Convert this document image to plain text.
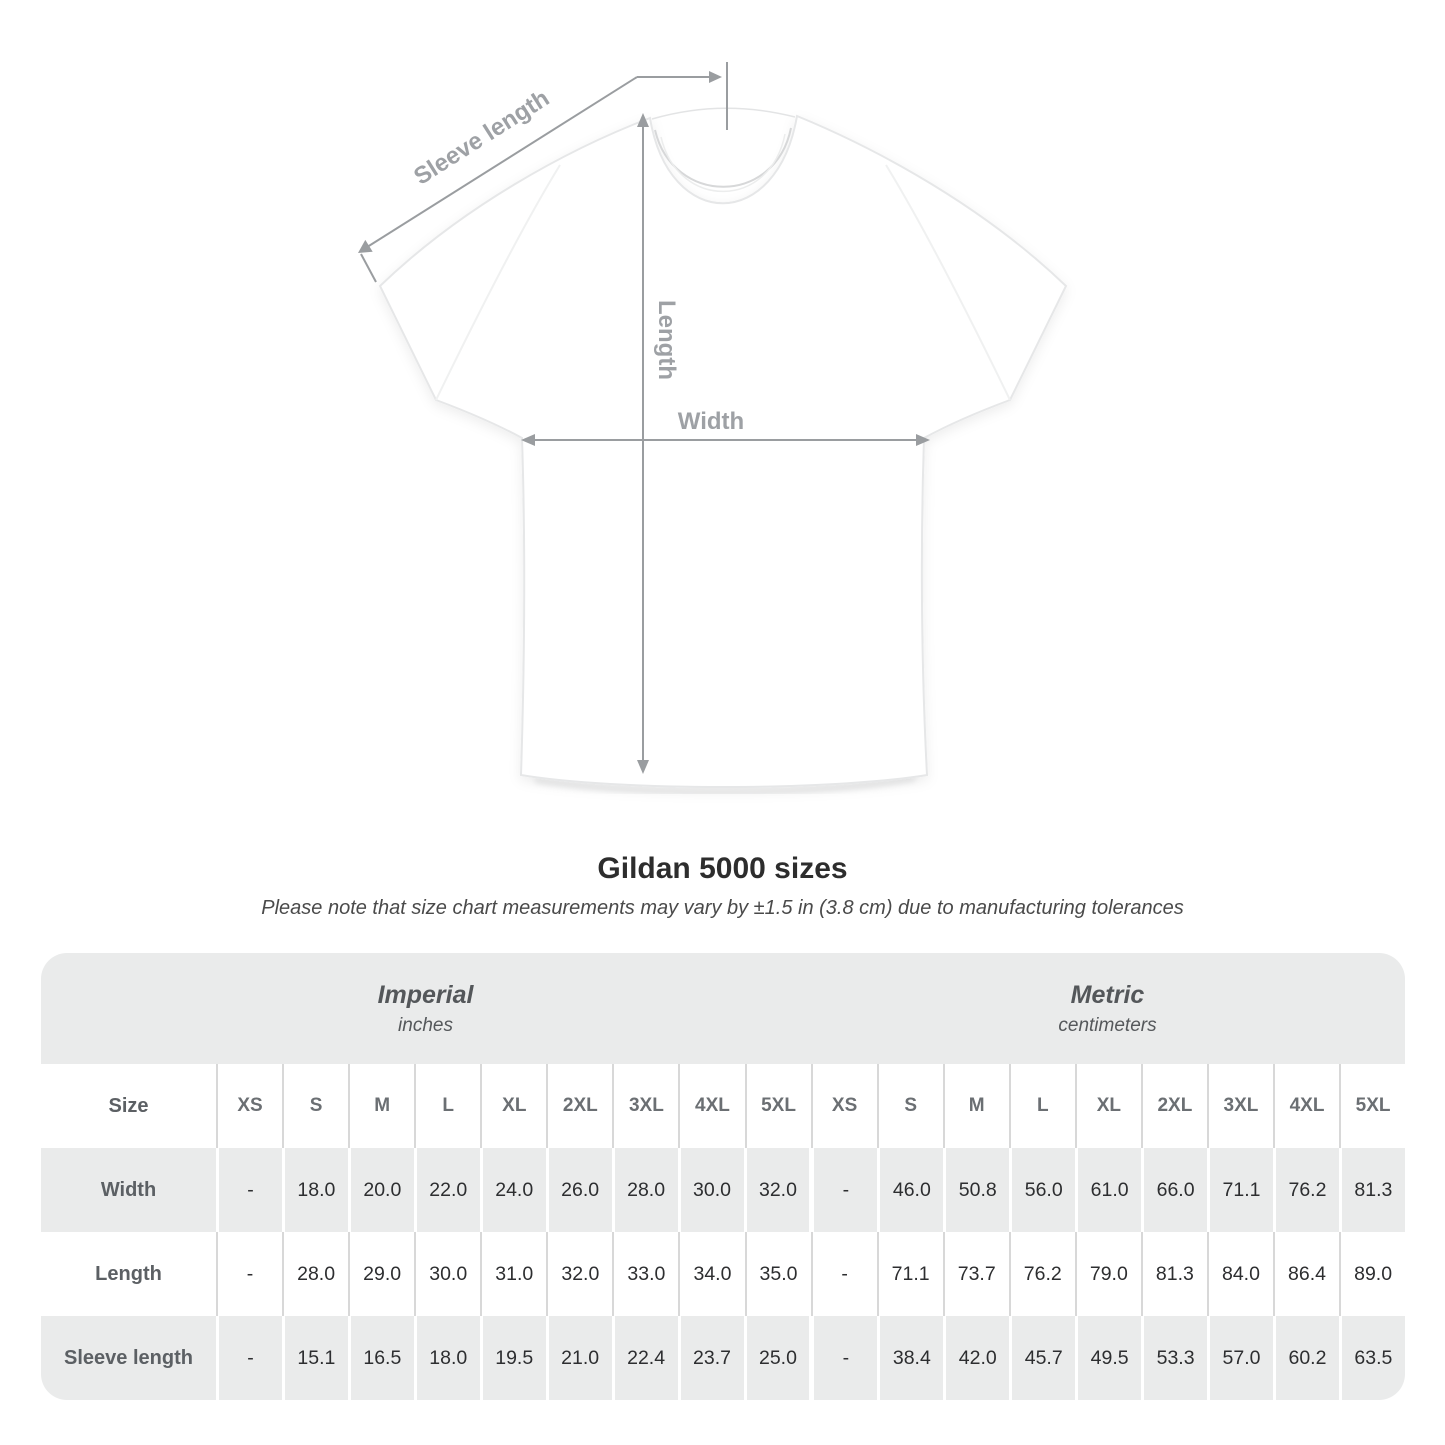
Sleeve length
Length
Width
Gildan 5000 sizes

Please note that size chart measurements may vary by ±1.5 in (3.8 cm) due to manufacturing tolerances

Imperial
inches
Metric
centimeters
Size	XS	S	M	L	XL	2XL	3XL	4XL	5XL	XS	S	M	L	XL	2XL	3XL	4XL	5XL
Width	-	18.0	20.0	22.0	24.0	26.0	28.0	30.0	32.0	-	46.0	50.8	56.0	61.0	66.0	71.1	76.2	81.3
Length	-	28.0	29.0	30.0	31.0	32.0	33.0	34.0	35.0	-	71.1	73.7	76.2	79.0	81.3	84.0	86.4	89.0
Sleeve length	-	15.1	16.5	18.0	19.5	21.0	22.4	23.7	25.0	-	38.4	42.0	45.7	49.5	53.3	57.0	60.2	63.5
